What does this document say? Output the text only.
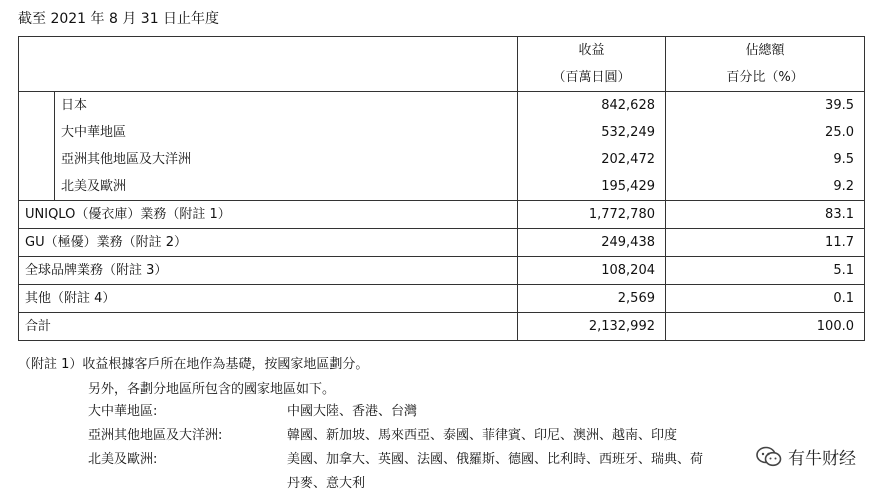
截至 2021 年 8 月 31 日止年度
		收益	佔總額
		（百萬日圓）	百分比（%）
	日本	842,628	39.5
	大中華地區	532,249	25.0
	亞洲其他地區及大洋洲	202,472	9.5
	北美及歐洲	195,429	9.2
UNIQLO（優衣庫）業務（附註 1）		1,772,780	83.1
GU（極優）業務（附註 2）		249,438	11.7
全球品牌業務（附註 3）		108,204	5.1
其他（附註 4）		2,569	0.1
合計		2,132,992	100.0
（附註 1）收益根據客戶所在地作為基礎，按國家地區劃分。
另外，各劃分地區所包含的國家地區如下。
大中華地區:	中國大陸、香港、台灣
亞洲其他地區及大洋洲:	韓國、新加坡、馬來西亞、泰國、菲律賓、印尼、澳洲、越南、印度
北美及歐洲:	美國、加拿大、英國、法國、俄羅斯、德國、比利時、西班牙、瑞典、荷
丹麥、意大利
有牛财经
